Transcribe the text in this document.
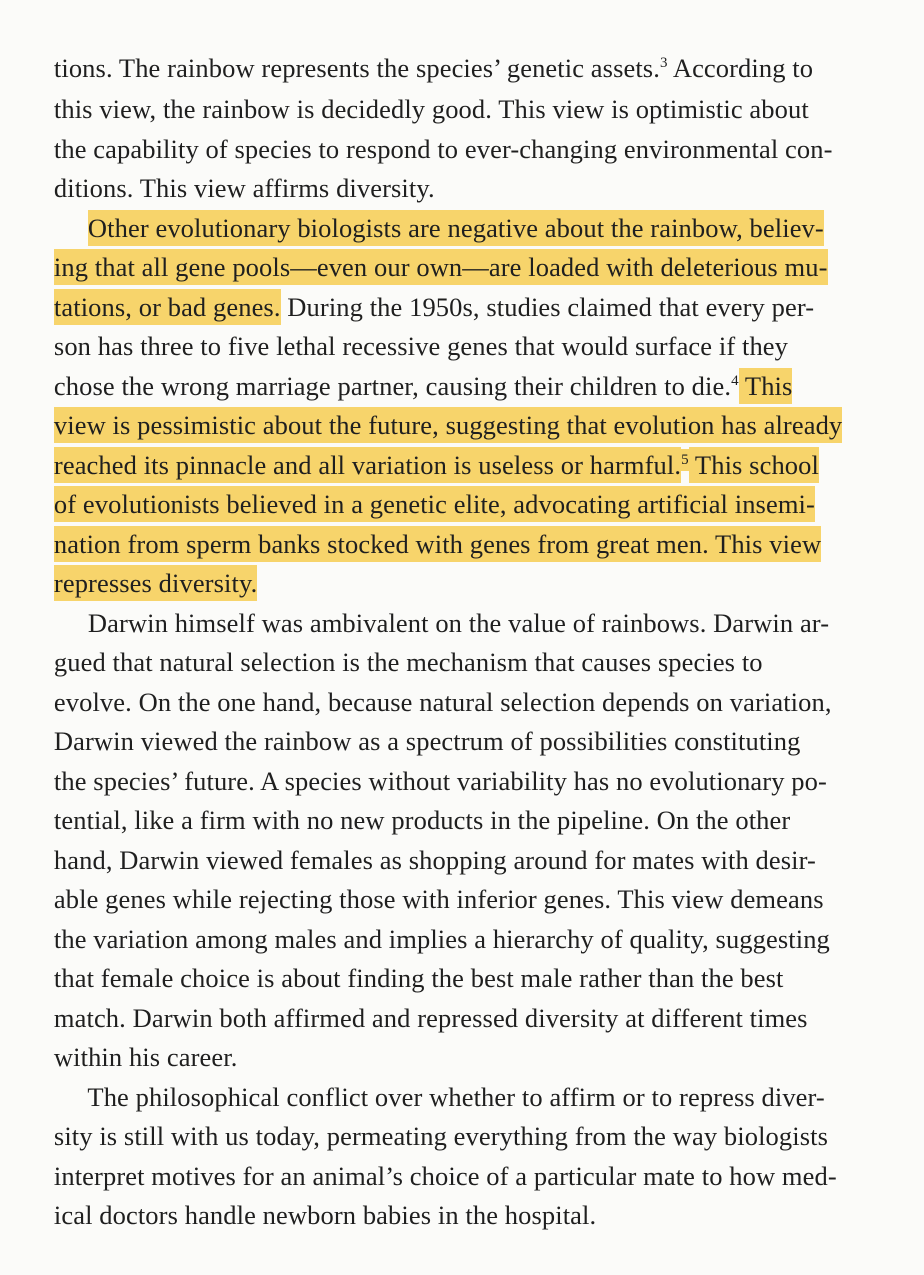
tions. The rainbow represents the species’ genetic assets.$^3$ According to

this view, the rainbow is decidedly good. This view is optimistic about

the capability of species to respond to ever-changing environmental con-

ditions. This view affirms diversity.

Other evolutionary biologists are negative about the rainbow, believ-

ing that all gene pools—even our own—are loaded with deleterious mu-

tations, or bad genes. During the 1950s, studies claimed that every per-

son has three to five lethal recessive genes that would surface if they

chose the wrong marriage partner, causing their children to die.$^4$ This

view is pessimistic about the future, suggesting that evolution has already

reached its pinnacle and all variation is useless or harmful.$^5$ This school

of evolutionists believed in a genetic elite, advocating artificial insemi-

nation from sperm banks stocked with genes from great men. This view

represses diversity.

Darwin himself was ambivalent on the value of rainbows. Darwin ar-

gued that natural selection is the mechanism that causes species to

evolve. On the one hand, because natural selection depends on variation,

Darwin viewed the rainbow as a spectrum of possibilities constituting

the species’ future. A species without variability has no evolutionary po-

tential, like a firm with no new products in the pipeline. On the other

hand, Darwin viewed females as shopping around for mates with desir-

able genes while rejecting those with inferior genes. This view demeans

the variation among males and implies a hierarchy of quality, suggesting

that female choice is about finding the best male rather than the best

match. Darwin both affirmed and repressed diversity at different times

within his career.

The philosophical conflict over whether to affirm or to repress diver-

sity is still with us today, permeating everything from the way biologists

interpret motives for an animal’s choice of a particular mate to how med-

ical doctors handle newborn babies in the hospital.
